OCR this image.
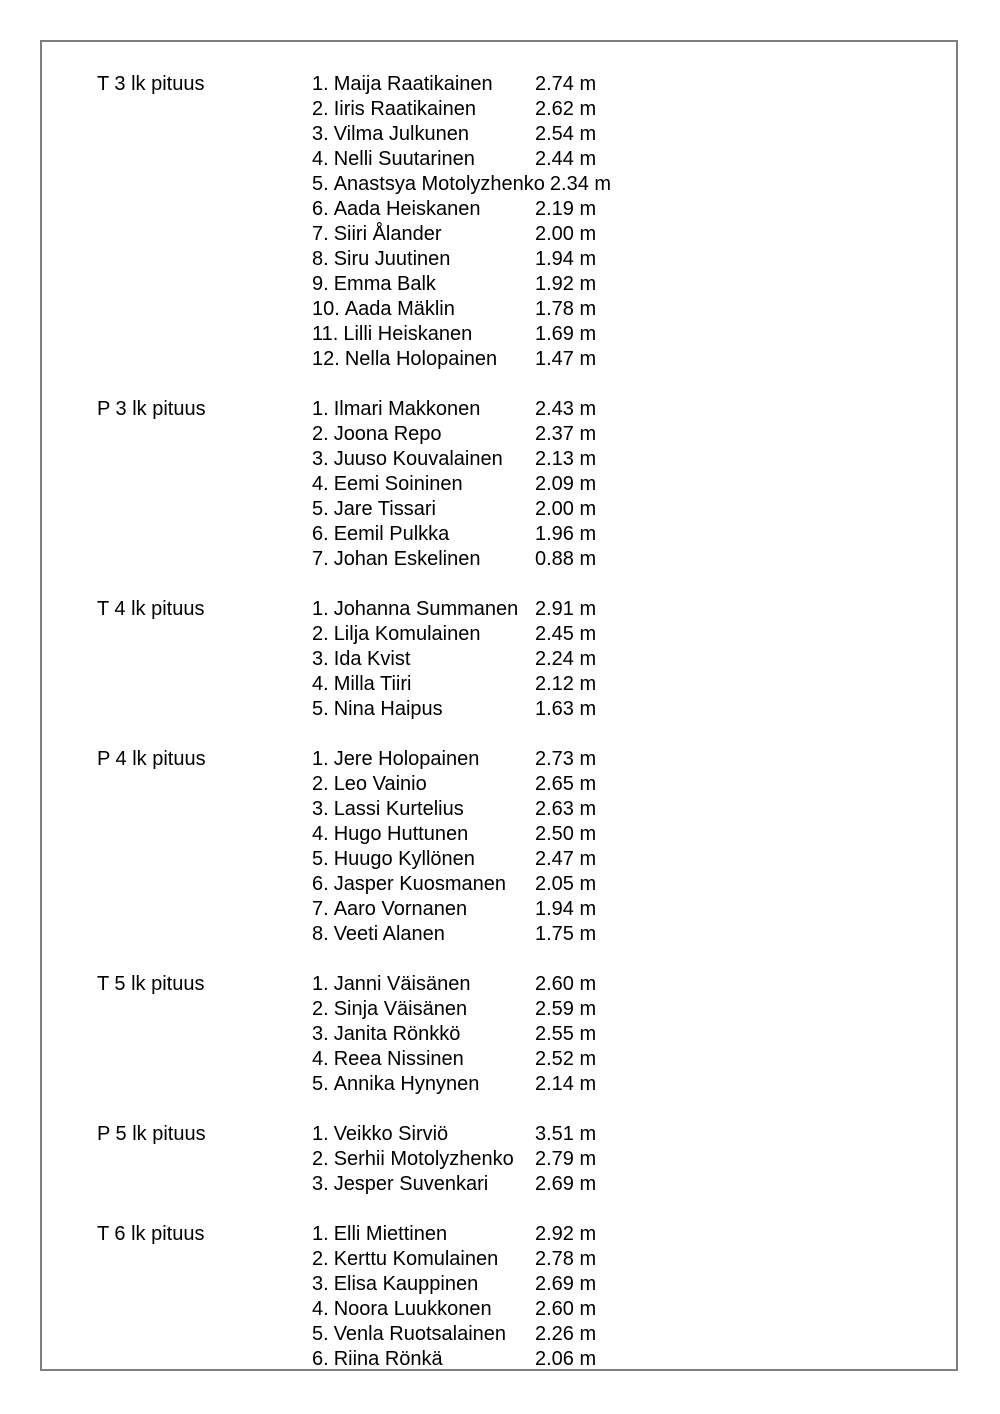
T 3 lk pituus	1. Maija Raatikainen	2.74 m
2. Iiris Raatikainen	2.62 m
3. Vilma Julkunen	2.54 m
4. Nelli Suutarinen	2.44 m
5. Anastsya Motolyzhenko 2.34 m
6. Aada Heiskanen	2.19 m
7. Siiri Ålander	2.00 m
8. Siru Juutinen	1.94 m
9. Emma Balk	1.92 m
10. Aada Mäklin	1.78 m
11. Lilli Heiskanen	1.69 m
12. Nella Holopainen	1.47 m
P 3 lk pituus	1. Ilmari Makkonen	2.43 m
2. Joona Repo	2.37 m
3. Juuso Kouvalainen	2.13 m
4. Eemi Soininen	2.09 m
5. Jare Tissari	2.00 m
6. Eemil Pulkka	1.96 m
7. Johan Eskelinen	0.88 m
T 4 lk pituus	1. Johanna Summanen 2.91 m
2. Lilja Komulainen	2.45 m
3. Ida Kvist	2.24 m
4. Milla Tiiri	2.12 m
5. Nina Haipus	1.63 m
P 4 lk pituus	1. Jere Holopainen	2.73 m
2. Leo Vainio	2.65 m
3. Lassi Kurtelius	2.63 m
4. Hugo Huttunen	2.50 m
5. Huugo Kyllönen	2.47 m
6. Jasper Kuosmanen	2.05 m
7. Aaro Vornanen	1.94 m
8. Veeti Alanen	1.75 m
T 5 lk pituus	1. Janni Väisänen	2.60 m
2. Sinja Väisänen	2.59 m
3. Janita Rönkkö	2.55 m
4. Reea Nissinen	2.52 m
5. Annika Hynynen	2.14 m
P 5 lk pituus	1. Veikko Sirviö	3.51 m
2. Serhii Motolyzhenko	2.79 m
3. Jesper Suvenkari	2.69 m
T 6 lk pituus	1. Elli Miettinen	2.92 m
2. Kerttu Komulainen	2.78 m
3. Elisa Kauppinen	2.69 m
4. Noora Luukkonen	2.60 m
5. Venla Ruotsalainen	2.26 m
6. Riina Rönkä	2.06 m
